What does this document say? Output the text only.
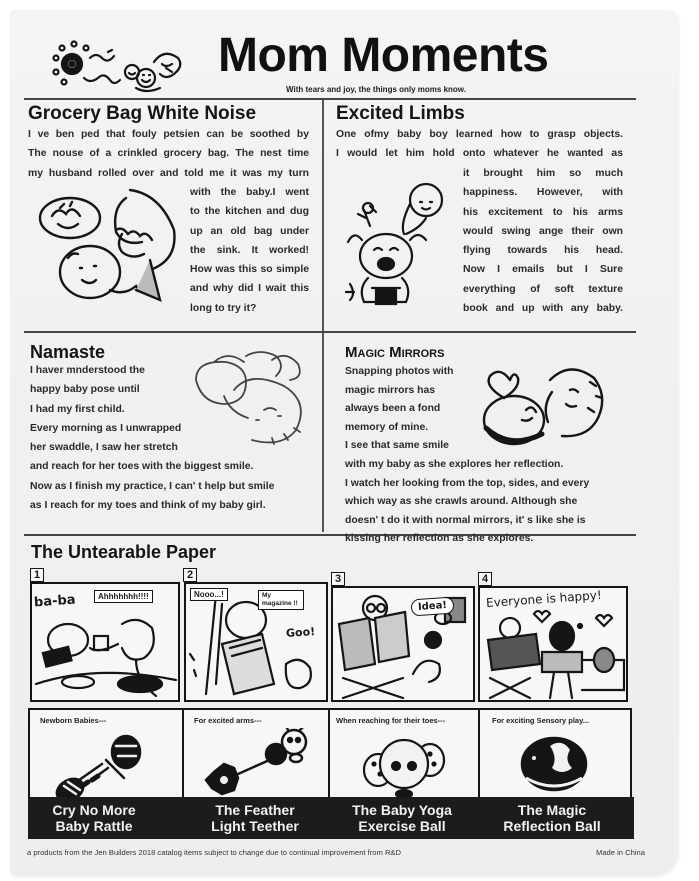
Mom Moments
With tears and joy, the things only moms know.
Grocery Bag White Noise
I ve ben ped that fouly petsien can be soothed by
The nouse of a crinkled grocery bag. The nest time
my husband rolled over and told me it was my turn
with the baby.I went
to the kitchen and dug
up an old bag under
the sink. It worked!
How was this so simple
and why did I wait this
long to try it?
Excited Limbs
One ofmy baby boy learned how to grasp objects.
I would let him hold onto whatever he wanted as
it brought him so much
happiness. However, with
his excitement to his arms
would swing ange their own
flying towards his head.
Now I emails but I Sure
everything of soft texture
book and up with any baby.
Namaste
I haver mnderstood the
happy baby pose until
I had my first child.
Every morning as I unwrapped
her swaddle, I saw her stretch
and reach for her toes with the biggest smile.
Now as I finish my practice, I can' t help but smile
as I reach for my toes and think of my baby girl.
Magic Mirrors
Snapping photos with
magic mirrors has
always been a fond
memory of mine.
I see that same smile
with my baby as she explores her reflection.
I watch her looking from the top, sides, and every
which way as she crawls around. Although she
doesn' t do it with normal mirrors, it' s like she is
kissing her reflection as she explores.
The Untearable Paper
1	2	3	4
ba-ba	Ahhhhhhh!!!!	Nooo...!	My magazine !!
Goo!
Idea!	Everyone is happy!
Newborn Babies---	For excited arms---	When reaching for their toes---	For exciting Sensory play...
Cry No More
Baby Rattle
The Feather
Light Teether
The Baby Yoga
Exercise Ball
The Magic
Reflection Ball
a products from the Jen Builders 2018 catalog items subject to change due to continual improvement from R&D	Made in China
